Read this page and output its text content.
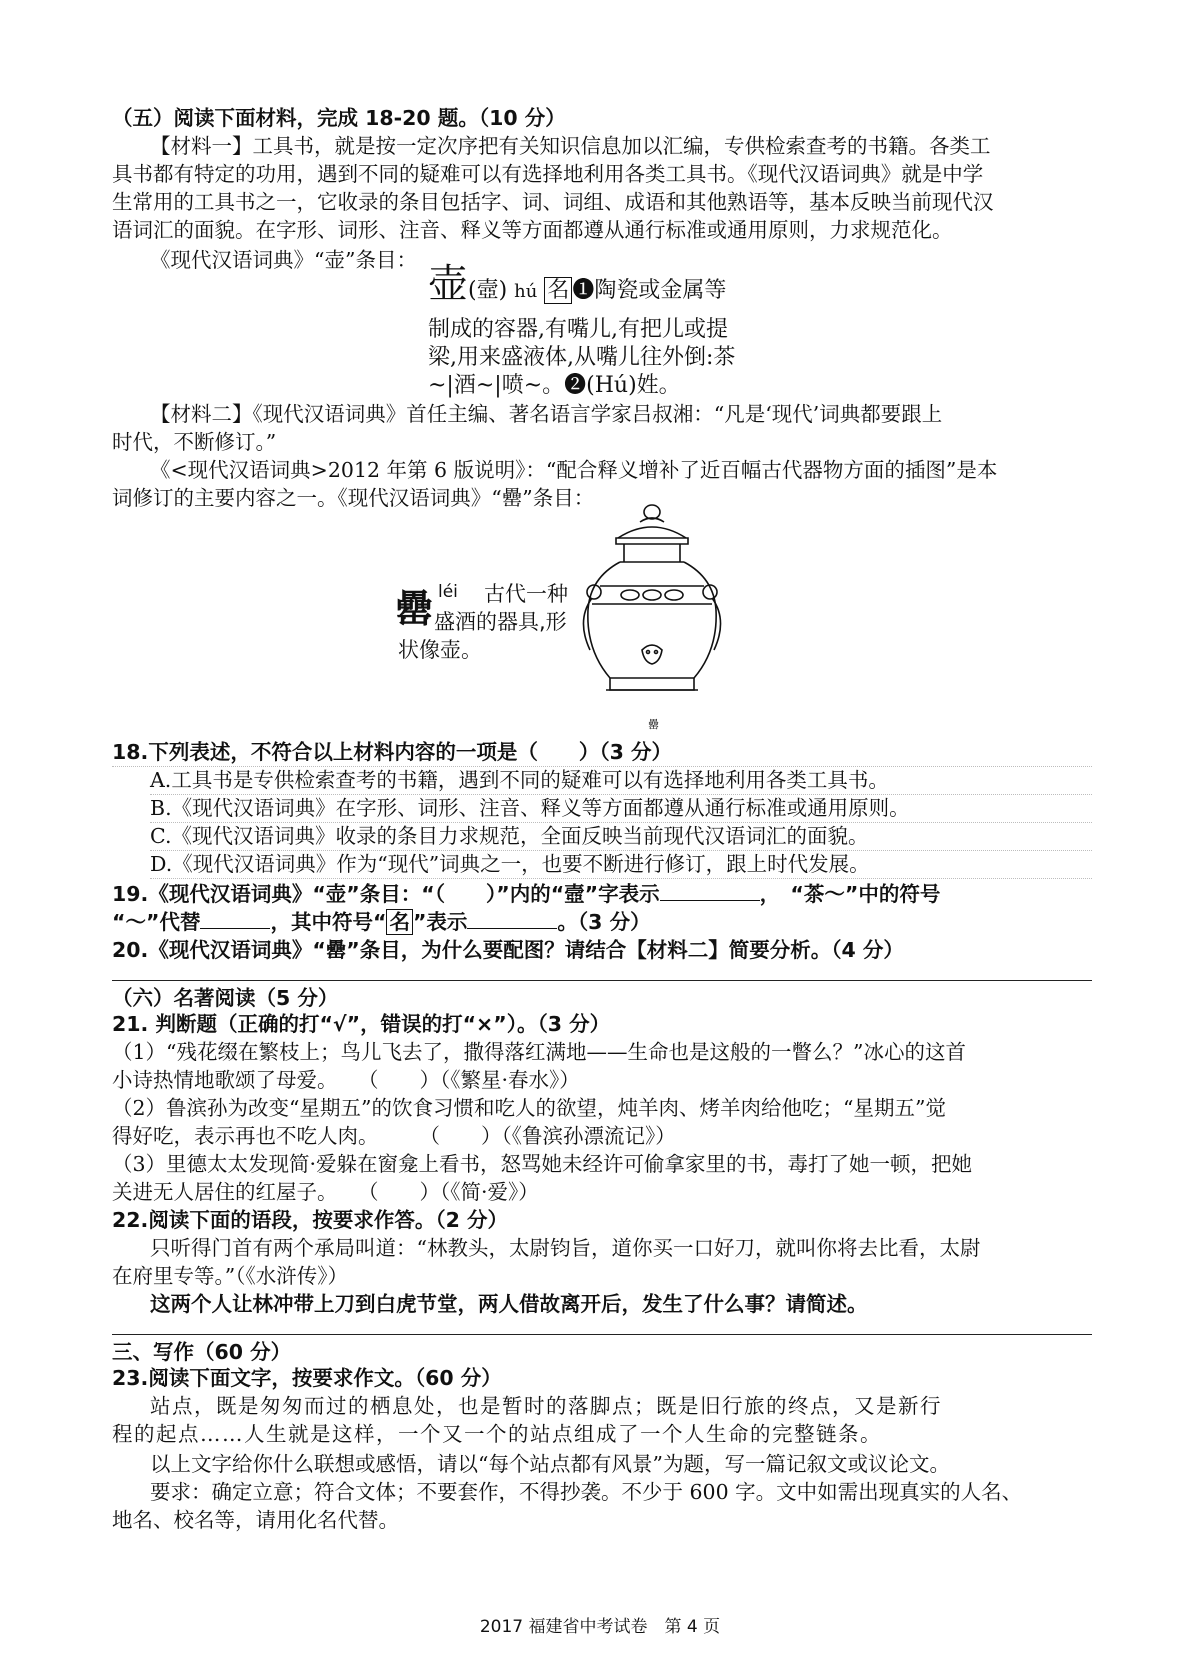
（五）阅读下面材料，完成 18-20 题。（10 分）
【材料一】工具书，就是按一定次序把有关知识信息加以汇编，专供检索查考的书籍。各类工
具书都有特定的功用，遇到不同的疑难可以有选择地利用各类工具书。《现代汉语词典》就是中学
生常用的工具书之一，它收录的条目包括字、词、词组、成语和其他熟语等，基本反映当前现代汉
语词汇的面貌。在字形、词形、注音、释义等方面都遵从通行标准或通用原则，力求规范化。
《现代汉语词典》“壶”条目：
壶(壼) hú 名 ❶陶瓷或金属等
制成的容器,有嘴儿,有把儿或提
梁,用来盛液体,从嘴儿往外倒:茶
~|酒~|喷~。❷(Hú)姓。
【材料二】《现代汉语词典》首任主编、著名语言学家吕叔湘：“凡是‘现代’词典都要跟上
时代，不断修订。”
《<现代汉语词典>2012 年第 6 版说明》：“配合释义增补了近百幅古代器物方面的插图”是本
词修订的主要内容之一。《现代汉语词典》“罍”条目：
罍 léi 古代一种
盛酒的器具,形
状像壶。
罍
18.下列表述，不符合以上材料内容的一项是（　　）（3 分）
A.工具书是专供检索查考的书籍，遇到不同的疑难可以有选择地利用各类工具书。
B.《现代汉语词典》在字形、词形、注音、释义等方面都遵从通行标准或通用原则。
C.《现代汉语词典》收录的条目力求规范，全面反映当前现代汉语词汇的面貌。
D.《现代汉语词典》作为“现代”词典之一，也要不断进行修订，跟上时代发展。
19.《现代汉语词典》“壶”条目：“（　　）”内的“壼”字表示	，　“茶～”中的符号
“～”代替	，其中符号“ 名 ”表示	。（3 分）
20.《现代汉语词典》“罍”条目，为什么要配图？请结合【材料二】简要分析。（4 分）
（六）名著阅读（5 分）
21. 判断题（正确的打“√”，错误的打“×”）。（3 分）
（1）“残花缀在繁枝上；鸟儿飞去了，撒得落红满地——生命也是这般的一瞥么？”冰心的这首
小诗热情地歌颂了母爱。　　（　　）（《繁星·春水》）
（2）鲁滨孙为改变“星期五”的饮食习惯和吃人的欲望，炖羊肉、烤羊肉给他吃；“星期五”觉
得好吃，表示再也不吃人肉。　　　（　　）（《鲁滨孙漂流记》）
（3）里德太太发现简·爱躲在窗龛上看书，怒骂她未经许可偷拿家里的书，毒打了她一顿，把她
关进无人居住的红屋子。　　（　　）（《简·爱》）
22.阅读下面的语段，按要求作答。（2 分）
只听得门首有两个承局叫道：“林教头，太尉钧旨，道你买一口好刀，就叫你将去比看，太尉
在府里专等。”（《水浒传》）
这两个人让林冲带上刀到白虎节堂，两人借故离开后，发生了什么事？请简述。
三、写作（60 分）
23.阅读下面文字，按要求作文。（60 分）
站点，既是匆匆而过的栖息处，也是暂时的落脚点；既是旧行旅的终点，又是新行
程的起点……人生就是这样，一个又一个的站点组成了一个人生命的完整链条。
以上文字给你什么联想或感悟，请以“每个站点都有风景”为题，写一篇记叙文或议论文。
要求：确定立意；符合文体；不要套作，不得抄袭。不少于 600 字。文中如需出现真实的人名、
地名、校名等，请用化名代替。
2017 福建省中考试卷　第 4 页
